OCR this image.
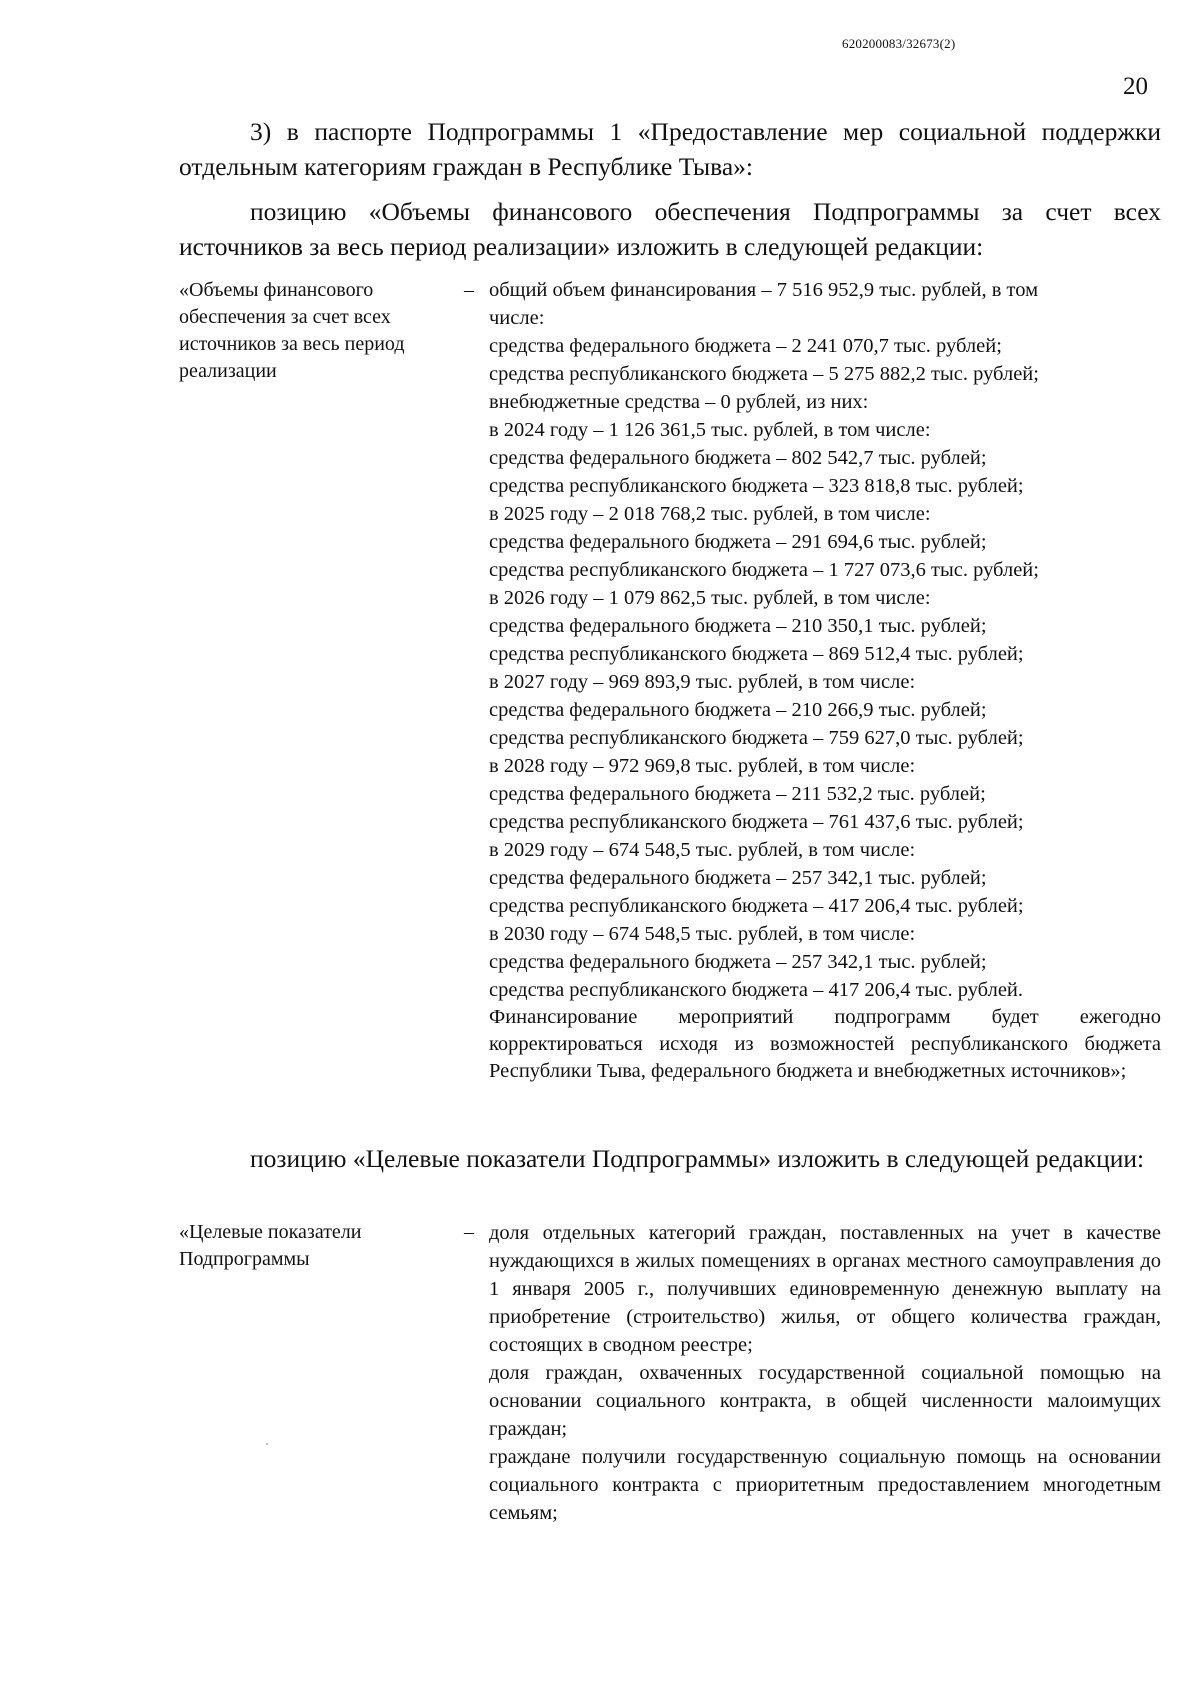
620200083/32673(2)
20
3) в паспорте Подпрограммы 1 «Предоставление мер социальной поддержки отдельным категориям граждан в Республике Тыва»:
позицию «Объемы финансового обеспечения Подпрограммы за счет всех источников за весь период реализации» изложить в следующей редакции:
«Объемы финансового обеспечения за счет всех источников за весь период реализации
– общий объем финансирования – 7 516 952,9 тыс. рублей, в том
числе:
средства федерального бюджета – 2 241 070,7 тыс. рублей;
средства республиканского бюджета – 5 275 882,2 тыс. рублей;
внебюджетные средства – 0 рублей, из них:
в 2024 году – 1 126 361,5 тыс. рублей, в том числе:
средства федерального бюджета – 802 542,7 тыс. рублей;
средства республиканского бюджета – 323 818,8 тыс. рублей;
в 2025 году – 2 018 768,2 тыс. рублей, в том числе:
средства федерального бюджета – 291 694,6 тыс. рублей;
средства республиканского бюджета – 1 727 073,6 тыс. рублей;
в 2026 году – 1 079 862,5 тыс. рублей, в том числе:
средства федерального бюджета – 210 350,1 тыс. рублей;
средства республиканского бюджета – 869 512,4 тыс. рублей;
в 2027 году – 969 893,9 тыс. рублей, в том числе:
средства федерального бюджета – 210 266,9 тыс. рублей;
средства республиканского бюджета – 759 627,0 тыс. рублей;
в 2028 году – 972 969,8 тыс. рублей, в том числе:
средства федерального бюджета – 211 532,2 тыс. рублей;
средства республиканского бюджета – 761 437,6 тыс. рублей;
в 2029 году – 674 548,5 тыс. рублей, в том числе:
средства федерального бюджета – 257 342,1 тыс. рублей;
средства республиканского бюджета – 417 206,4 тыс. рублей;
в 2030 году – 674 548,5 тыс. рублей, в том числе:
средства федерального бюджета – 257 342,1 тыс. рублей;
средства республиканского бюджета – 417 206,4 тыс. рублей.
Финансирование мероприятий подпрограмм будет ежегодно корректироваться исходя из возможностей республиканского бюджета Республики Тыва, федерального бюджета и внебюджетных источников»;
позицию «Целевые показатели Подпрограммы» изложить в следующей редакции:
«Целевые показатели Подпрограммы
– доля отдельных категорий граждан, поставленных на учет в качестве нуждающихся в жилых помещениях в органах местного самоуправления до 1 января 2005 г., получивших единовременную денежную выплату на приобретение (строительство) жилья, от общего количества граждан, состоящих в сводном реестре;
доля граждан, охваченных государственной социальной помощью на основании социального контракта, в общей численности малоимущих граждан;
граждане получили государственную социальную помощь на основании социального контракта с приоритетным предоставлением многодетным семьям;
